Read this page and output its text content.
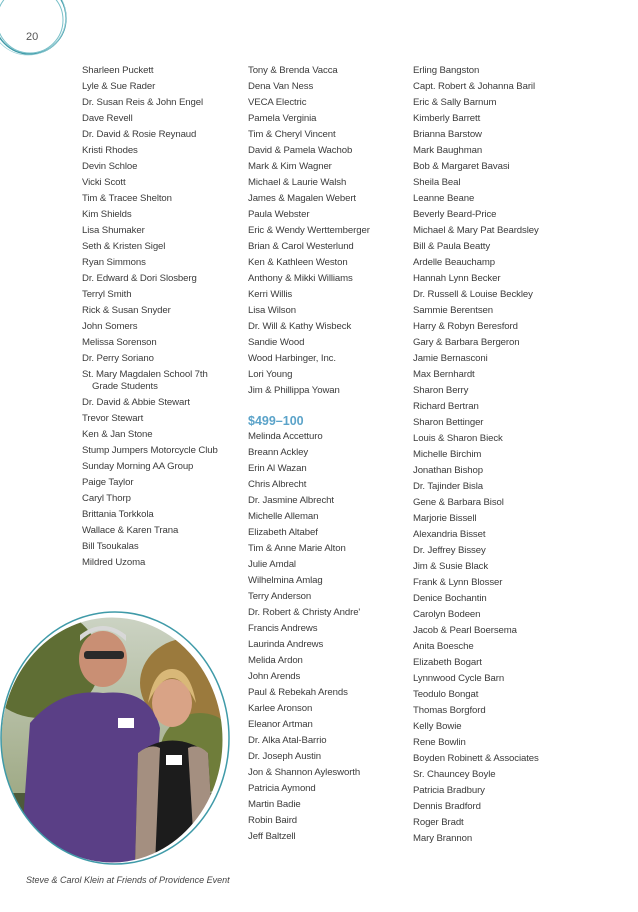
20
Sharleen Puckett
Lyle & Sue Rader
Dr. Susan Reis & John Engel
Dave Revell
Dr. David & Rosie Reynaud
Kristi Rhodes
Devin Schloe
Vicki Scott
Tim & Tracee Shelton
Kim Shields
Lisa Shumaker
Seth & Kristen Sigel
Ryan Simmons
Dr. Edward & Dori Slosberg
Terryl Smith
Rick & Susan Snyder
John Somers
Melissa Sorenson
Dr. Perry Soriano
St. Mary Magdalen School 7th
Grade Students
Dr. David & Abbie Stewart
Trevor Stewart
Ken & Jan Stone
Stump Jumpers Motorcycle Club
Sunday Morning AA Group
Paige Taylor
Caryl Thorp
Brittania Torkkola
Wallace & Karen Trana
Bill Tsoukalas
Mildred Uzoma
Tony & Brenda Vacca
Dena Van Ness
VECA Electric
Pamela Verginia
Tim & Cheryl Vincent
David & Pamela Wachob
Mark & Kim Wagner
Michael & Laurie Walsh
James & Magalen Webert
Paula Webster
Eric & Wendy Werttemberger
Brian & Carol Westerlund
Ken & Kathleen Weston
Anthony & Mikki Williams
Kerri Willis
Lisa Wilson
Dr. Will & Kathy Wisbeck
Sandie Wood
Wood Harbinger, Inc.
Lori Young
Jim & Phillippa Yowan
$499–100
Melinda Accetturo
Breann Ackley
Erin Al Wazan
Chris Albrecht
Dr. Jasmine Albrecht
Michelle Alleman
Elizabeth Altabef
Tim & Anne Marie Alton
Julie Amdal
Wilhelmina Amlag
Terry Anderson
Dr. Robert & Christy Andre'
Francis Andrews
Laurinda Andrews
Melida Ardon
John Arends
Paul & Rebekah Arends
Karlee Aronson
Eleanor Artman
Dr. Alka Atal-Barrio
Dr. Joseph Austin
Jon & Shannon Aylesworth
Patricia Aymond
Martin Badie
Robin Baird
Jeff Baltzell
Erling Bangston
Capt. Robert & Johanna Baril
Eric & Sally Barnum
Kimberly Barrett
Brianna Barstow
Mark Baughman
Bob & Margaret Bavasi
Sheila Beal
Leanne Beane
Beverly Beard-Price
Michael & Mary Pat Beardsley
Bill & Paula Beatty
Ardelle Beauchamp
Hannah Lynn Becker
Dr. Russell & Louise Beckley
Sammie Berentsen
Harry & Robyn Beresford
Gary & Barbara Bergeron
Jamie Bernasconi
Max Bernhardt
Sharon Berry
Richard Bertran
Sharon Bettinger
Louis & Sharon Bieck
Michelle Birchim
Jonathan Bishop
Dr. Tajinder Bisla
Gene & Barbara Bisol
Marjorie Bissell
Alexandria Bisset
Dr. Jeffrey Bissey
Jim & Susie Black
Frank & Lynn Blosser
Denice Bochantin
Carolyn Bodeen
Jacob & Pearl Boersema
Anita Boesche
Elizabeth Bogart
Lynnwood Cycle Barn
Teodulo Bongat
Thomas Borgford
Kelly Bowie
Rene Bowlin
Boyden Robinett & Associates
Sr. Chauncey Boyle
Patricia Bradbury
Dennis Bradford
Roger Bradt
Mary Brannon
Steve & Carol Klein at Friends of Providence Event
